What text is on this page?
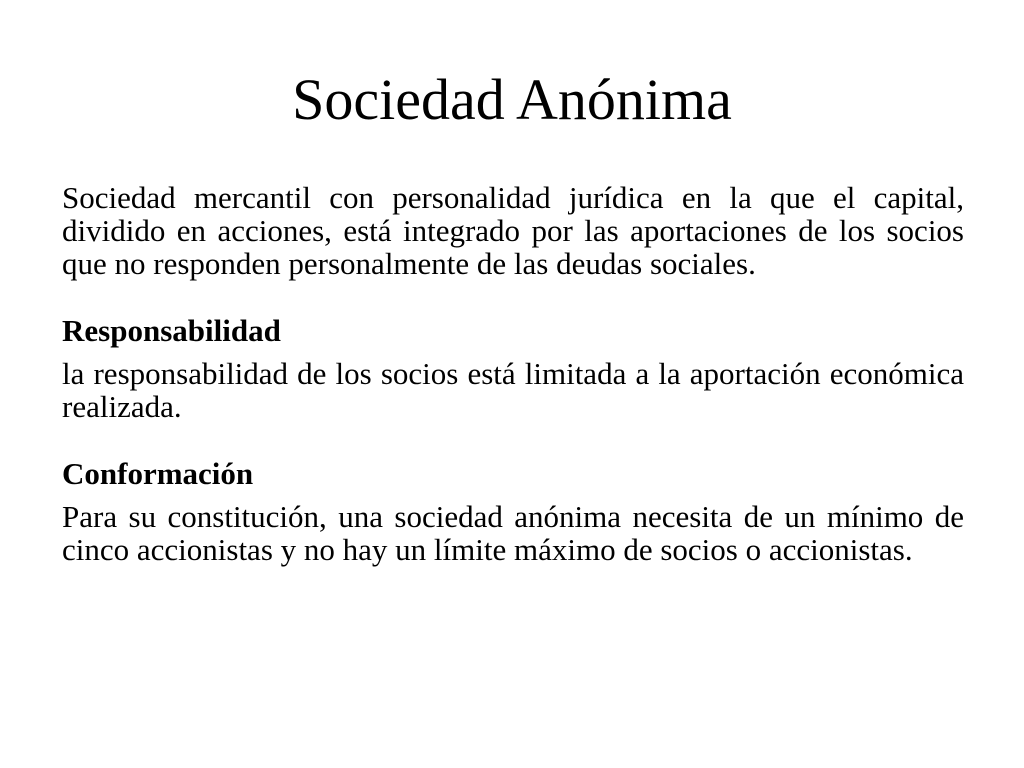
Sociedad Anónima

Sociedad mercantil con personalidad jurídica en la que el capital, dividido en acciones, está integrado por las aportaciones de los socios que no responden personalmente de las deudas sociales.

Responsabilidad

la responsabilidad de los socios está limitada a la aportación económica realizada.

Conformación

Para su constitución, una sociedad anónima necesita de un mínimo de cinco accionistas y no hay un límite máximo de socios o accionistas.
